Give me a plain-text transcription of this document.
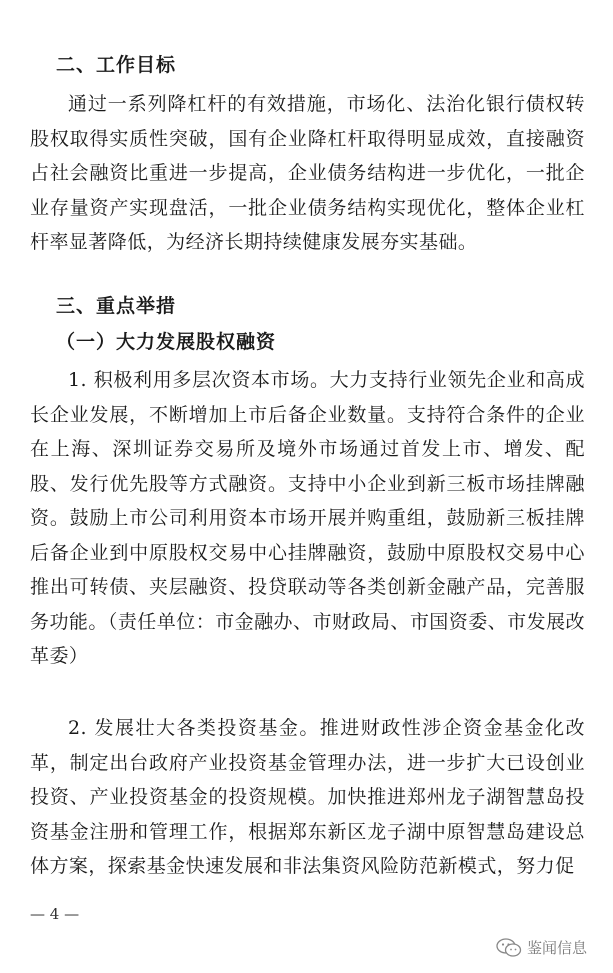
二、工作目标

通过一系列降杠杆的有效措施，市场化、法治化银行债权转股权取得实质性突破，国有企业降杠杆取得明显成效，直接融资占社会融资比重进一步提高，企业债务结构进一步优化，一批企业存量资产实现盘活，一批企业债务结构实现优化，整体企业杠杆率显著降低，为经济长期持续健康发展夯实基础。

三、重点举措
（一）大力发展股权融资

1. 积极利用多层次资本市场。大力支持行业领先企业和高成长企业发展，不断增加上市后备企业数量。支持符合条件的企业在上海、深圳证券交易所及境外市场通过首发上市、增发、配股、发行优先股等方式融资。支持中小企业到新三板市场挂牌融资。鼓励上市公司利用资本市场开展并购重组，鼓励新三板挂牌后备企业到中原股权交易中心挂牌融资，鼓励中原股权交易中心推出可转债、夹层融资、投贷联动等各类创新金融产品，完善服务功能。（责任单位：市金融办、市财政局、市国资委、市发展改革委）

2. 发展壮大各类投资基金。推进财政性涉企资金基金化改革，制定出台政府产业投资基金管理办法，进一步扩大已设创业投资、产业投资基金的投资规模。加快推进郑州龙子湖智慧岛投资基金注册和管理工作，根据郑东新区龙子湖中原智慧岛建设总体方案，探索基金快速发展和非法集资风险防范新模式，努力促

— 4 —
鉴闻信息
